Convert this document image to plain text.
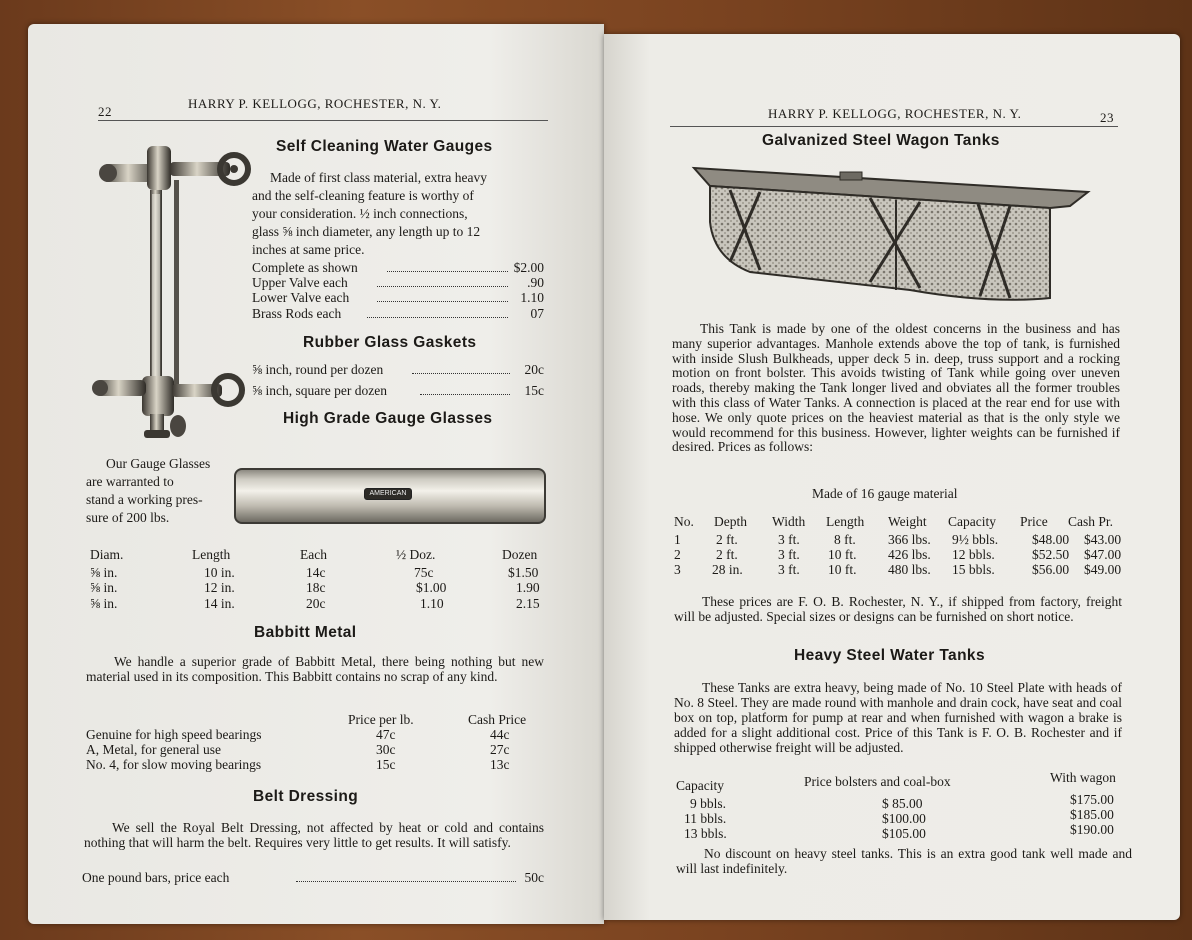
22
HARRY P. KELLOGG, ROCHESTER, N. Y.
Self Cleaning Water Gauges
Made of first class material, extra heavy
and the self-cleaning feature is worthy of
your consideration. ½ inch connections,
glass ⅝ inch diameter, any length up to 12
inches at same price.
Complete as shown	$2.00
Upper Valve each	.90
Lower Valve each	1.10
Brass Rods each	07
Rubber Glass Gaskets
⅝ inch, round per dozen	20c
⅝ inch, square per dozen	15c
High Grade Gauge Glasses
Our Gauge Glasses
are warranted to
stand a working pres-
sure of 200 lbs.
AMERICAN
Diam.	Length	Each	½ Doz.	Dozen
⅝ in.	10 in.	14c	75c	$1.50
⅝ in.	12 in.	18c	$1.00	1.90
⅝ in.	14 in.	20c	1.10	2.15
Babbitt Metal
We handle a superior grade of Babbitt Metal, there being nothing but new material used in its composition. This Babbitt contains no scrap of any kind.
Price per lb.	Cash Price
Genuine for high speed bearings	47c	44c
A, Metal, for general use	30c	27c
No. 4, for slow moving bearings	15c	13c
Belt Dressing
We sell the Royal Belt Dressing, not affected by heat or cold and contains nothing that will harm the belt. Requires very little to get results. It will satisfy.
One pound bars, price each	50c
HARRY P. KELLOGG, ROCHESTER, N. Y.	23
Galvanized Steel Wagon Tanks
This Tank is made by one of the oldest concerns in the business and has many superior advantages. Manhole extends above the top of tank, is furnished with inside Slush Bulkheads, upper deck 5 in. deep, truss support and a rocking motion on front bolster. This avoids twisting of Tank while going over uneven roads, thereby making the Tank longer lived and obviates all the former troubles with this class of Water Tanks. A connection is placed at the rear end for use with hose. We only quote prices on the heaviest material as that is the only style we would recommend for this business. However, lighter weights can be furnished if desired. Prices as follows:
Made of 16 gauge material
No. Depth Width Length Weight Capacity Price Cash Pr.
1	2 ft.	3 ft.	8 ft. 366 lbs. 9½ bbls.	$48.00 $43.00
2	2 ft.	3 ft. 10 ft. 426 lbs. 12 bbls.	$52.50 $47.00
3 28 in.	3 ft. 10 ft. 480 lbs. 15 bbls.	$56.00 $49.00
These prices are F. O. B. Rochester, N. Y., if shipped from factory, freight will be adjusted. Special sizes or designs can be furnished on short notice.
Heavy Steel Water Tanks
These Tanks are extra heavy, being made of No. 10 Steel Plate with heads of No. 8 Steel. They are made round with manhole and drain cock, have seat and coal box on top, platform for pump at rear and when furnished with wagon a brake is added for a slight additional cost. Price of this Tank is F. O. B. Rochester and if shipped otherwise freight will be adjusted.
Capacity	Price bolsters and coal-box	With wagon
9 bbls.	$ 85.00	$175.00
11 bbls.	$100.00	$185.00
13 bbls.	$105.00	$190.00
No discount on heavy steel tanks. This is an extra good tank well made and will last indefinitely.
